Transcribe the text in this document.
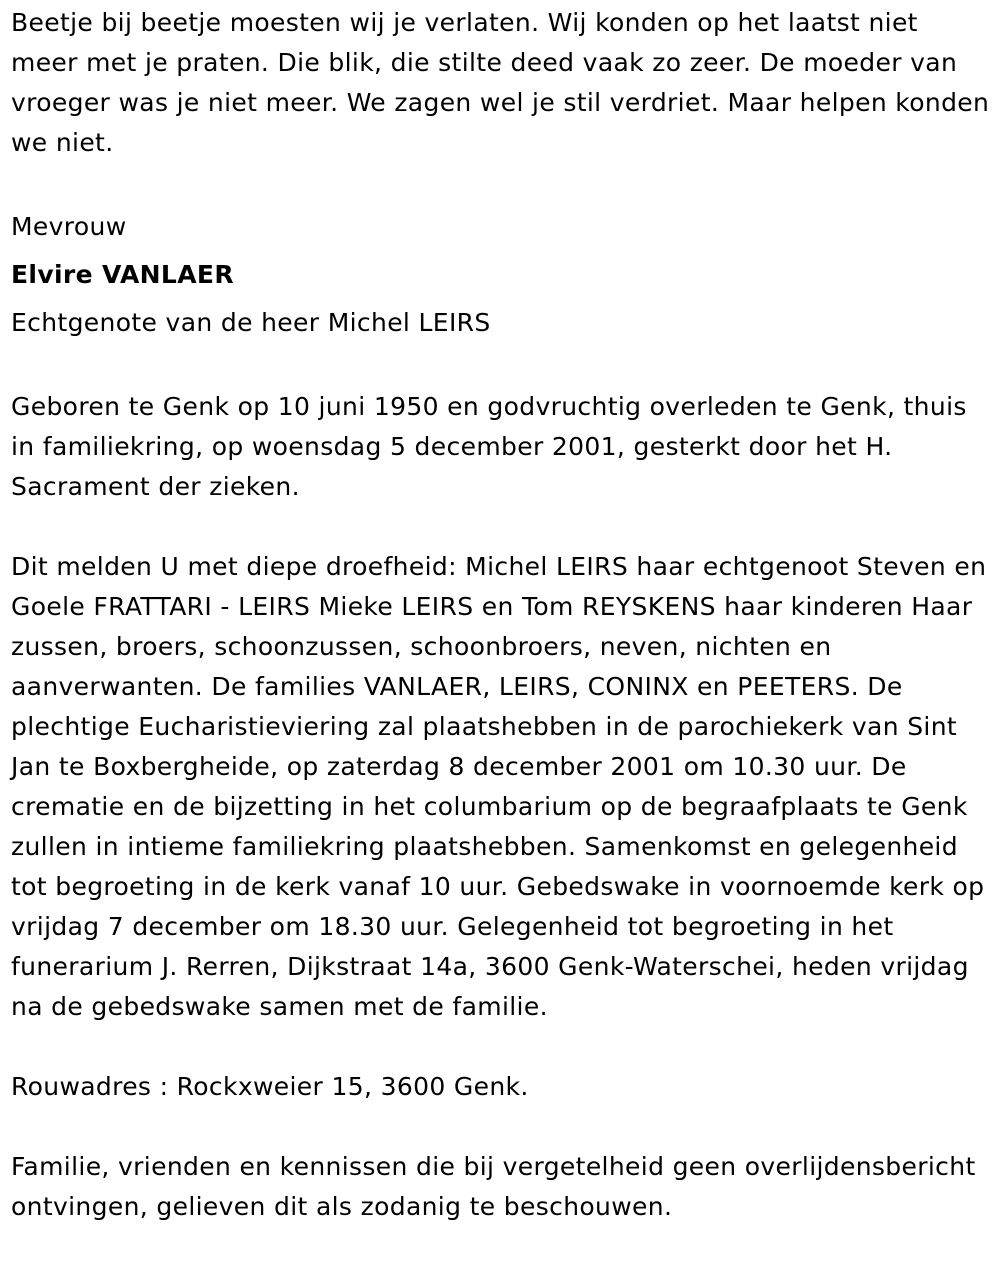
Beetje bij beetje moesten wij je verlaten. Wij konden op het laatst niet meer met je praten. Die blik, die stilte deed vaak zo zeer. De moeder van vroeger was je niet meer. We zagen wel je stil verdriet. Maar helpen konden we niet.

Mevrouw
Elvire VANLAER
Echtgenote van de heer Michel LEIRS

Geboren te Genk op 10 juni 1950 en godvruchtig overleden te Genk, thuis in familiekring, op woensdag 5 december 2001, gesterkt door het H. Sacrament der zieken.

Dit melden U met diepe droefheid: Michel LEIRS haar echtgenoot Steven en Goele FRATTARI - LEIRS Mieke LEIRS en Tom REYSKENS haar kinderen Haar zussen, broers, schoonzussen, schoonbroers, neven, nichten en aanverwanten. De families VANLAER, LEIRS, CONINX en PEETERS. De plechtige Eucharistieviering zal plaatshebben in de parochiekerk van Sint Jan te Boxbergheide, op zaterdag 8 december 2001 om 10.30 uur. De crematie en de bijzetting in het columbarium op de begraafplaats te Genk zullen in intieme familiekring plaatshebben. Samenkomst en gelegenheid tot begroeting in de kerk vanaf 10 uur. Gebedswake in voornoemde kerk op vrijdag 7 december om 18.30 uur. Gelegenheid tot begroeting in het funerarium J. Rerren, Dijkstraat 14a, 3600 Genk-Waterschei, heden vrijdag na de gebedswake samen met de familie.

Rouwadres : Rockxweier 15, 3600 Genk.

Familie, vrienden en kennissen die bij vergetelheid geen overlijdensbericht ontvingen, gelieven dit als zodanig te beschouwen.
